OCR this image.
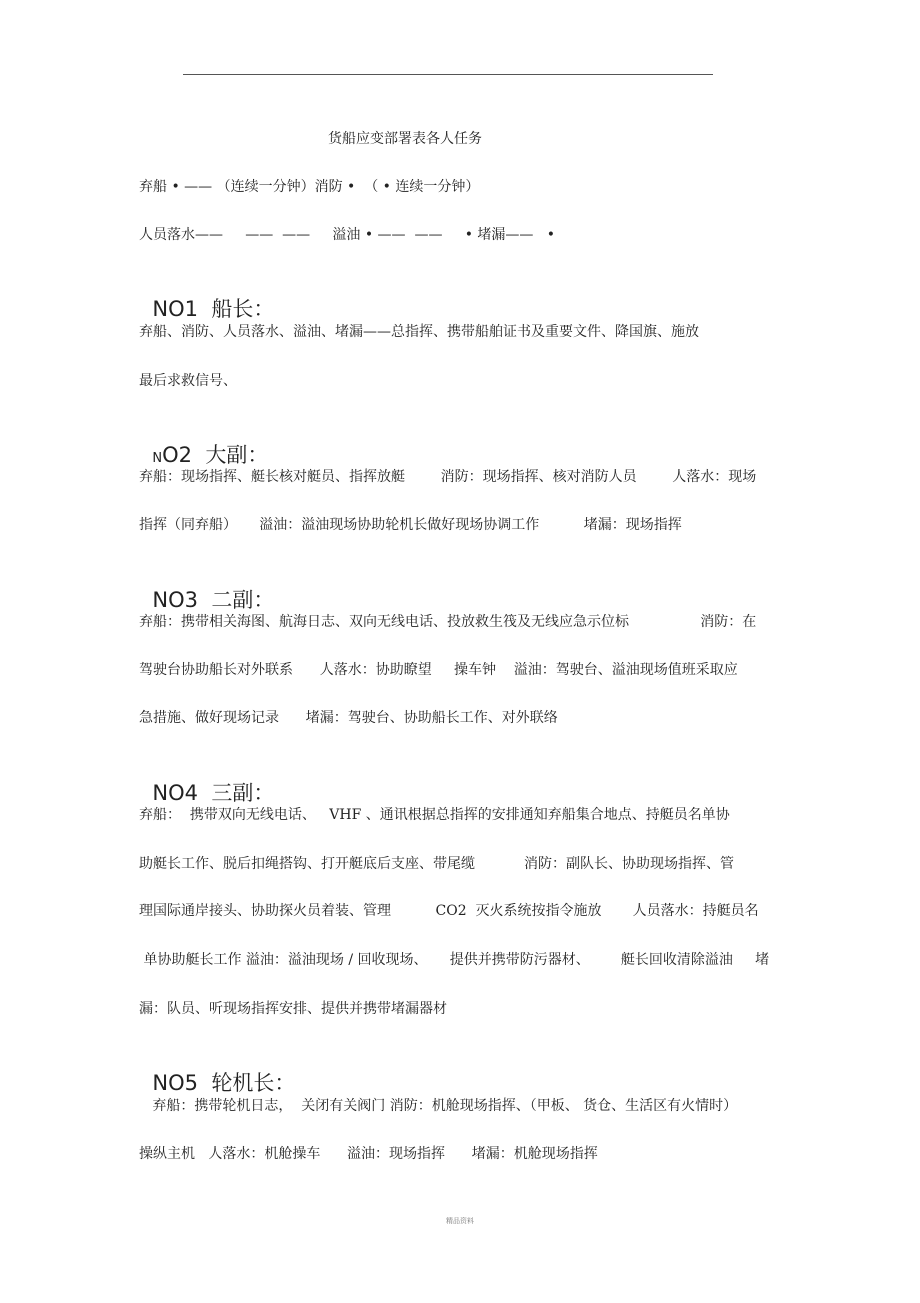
货船应变部署表各人任务
弃船 • —— （连续一分钟）消防 •  （ • 连续一分钟）
人员落水——     ——  ——     溢油 • ——  ——     • 堵漏——   •

NO1 船长：

弃船、消防、人员落水、溢油、堵漏——总指挥、携带船舶证书及重要文件、降国旗、施放
最后求救信号、

NO2 大副：

弃船：现场指挥、艇长核对艇员、指挥放艇        消防：现场指挥、核对消防人员        人落水：现场
指挥（同弃船）     溢油：溢油现场协助轮机长做好现场协调工作          堵漏：现场指挥

NO3 二副：

弃船：携带相关海图、航海日志、双向无线电话、投放救生筏及无线应急示位标                消防：在
驾驶台协助船长对外联系      人落水：协助瞭望     操车钟    溢油：驾驶台、溢油现场值班采取应
急措施、做好现场记录      堵漏：驾驶台、协助船长工作、对外联络

NO4 三副：

弃船：  携带双向无线电话、   VHF 、通讯根据总指挥的安排通知弃船集合地点、持艇员名单协
助艇长工作、脱后扣绳搭钩、打开艇底后支座、带尾缆           消防：副队长、协助现场指挥、管
理国际通岸接头、协助探火员着装、管理          CO2  灭火系统按指令施放       人员落水：持艇员名
单协助艇长工作 溢油：溢油现场 / 回收现场、     提供并携带防污器材、       艇长回收清除溢油     堵
漏：队员、听现场指挥安排、提供并携带堵漏器材

NO5 轮机长：

弃船：携带轮机日志，  关闭有关阀门 消防：机舱现场指挥、（甲板、 货仓、生活区有火情时）
操纵主机   人落水：机舱操车      溢油：现场指挥      堵漏：机舱现场指挥
精品资料
